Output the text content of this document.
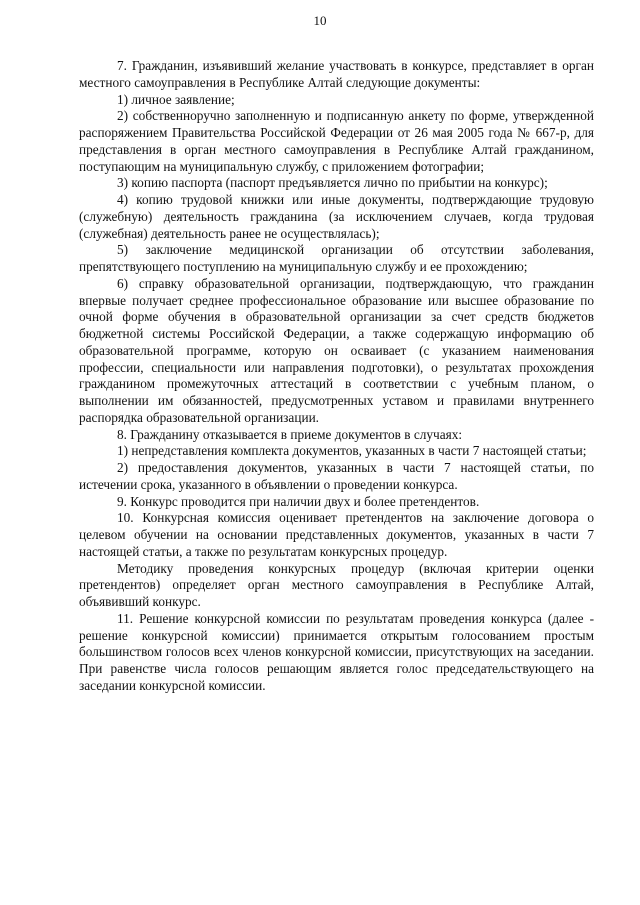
10

7. Гражданин, изъявивший желание участвовать в конкурсе, представляет в орган местного самоуправления в Республике Алтай следующие документы:

1) личное заявление;

2) собственноручно заполненную и подписанную анкету по форме, утвержденной распоряжением Правительства Российской Федерации от 26 мая 2005 года № 667-р, для представления в орган местного самоуправления в Республике Алтай гражданином, поступающим на муниципальную службу, с приложением фотографии;

3) копию паспорта (паспорт предъявляется лично по прибытии на конкурс);

4) копию трудовой книжки или иные документы, подтверждающие трудовую (служебную) деятельность гражданина (за исключением случаев, когда трудовая (служебная) деятельность ранее не осуществлялась);

5) заключение медицинской организации об отсутствии заболевания, препятствующего поступлению на муниципальную службу и ее прохождению;

6) справку образовательной организации, подтверждающую, что гражданин впервые получает среднее профессиональное образование или высшее образование по очной форме обучения в образовательной организации за счет средств бюджетов бюджетной системы Российской Федерации, а также содержащую информацию об образовательной программе, которую он осваивает (с указанием наименования профессии, специальности или направления подготовки), о результатах прохождения гражданином промежуточных аттестаций в соответствии с учебным планом, о выполнении им обязанностей, предусмотренных уставом и правилами внутреннего распорядка образовательной организации.

8. Гражданину отказывается в приеме документов в случаях:

1) непредставления комплекта документов, указанных в части 7 настоящей статьи;

2) предоставления документов, указанных в части 7 настоящей статьи, по истечении срока, указанного в объявлении о проведении конкурса.

9. Конкурс проводится при наличии двух и более претендентов.

10. Конкурсная комиссия оценивает претендентов на заключение договора о целевом обучении на основании представленных документов, указанных в части 7 настоящей статьи, а также по результатам конкурсных процедур.

Методику проведения конкурсных процедур (включая критерии оценки претендентов) определяет орган местного самоуправления в Республике Алтай, объявивший конкурс.

11. Решение конкурсной комиссии по результатам проведения конкурса (далее - решение конкурсной комиссии) принимается открытым голосованием простым большинством голосов всех членов конкурсной комиссии, присутствующих на заседании. При равенстве числа голосов решающим является голос председательствующего на заседании конкурсной комиссии.
